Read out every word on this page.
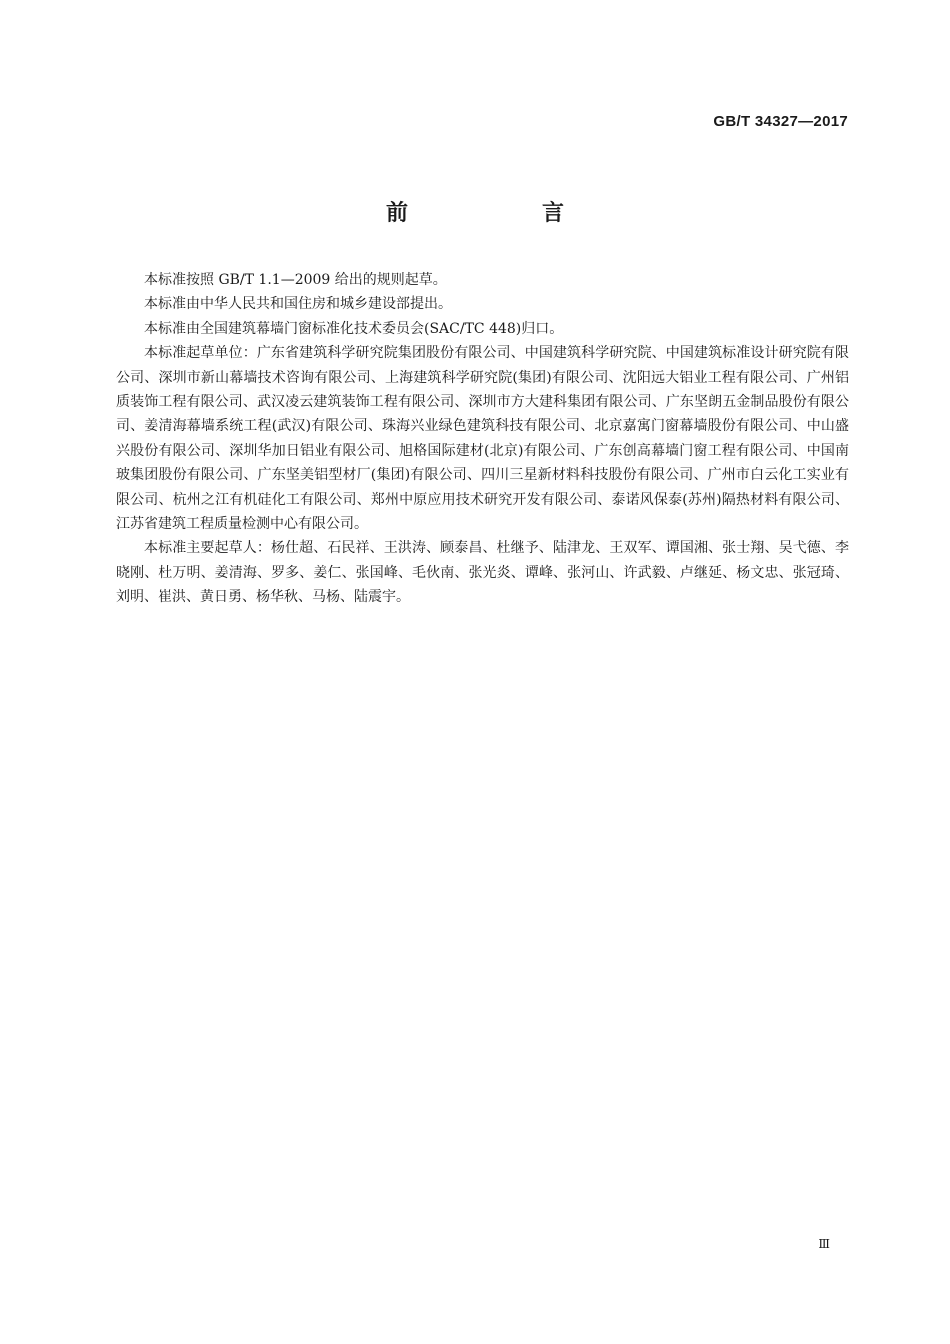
GB/T 34327—2017
前　言

本标准按照 GB/T 1.1—2009 给出的规则起草。

本标准由中华人民共和国住房和城乡建设部提出。

本标准由全国建筑幕墙门窗标准化技术委员会(SAC/TC 448)归口。

本标准起草单位：广东省建筑科学研究院集团股份有限公司、中国建筑科学研究院、中国建筑标准设计研究院有限公司、深圳市新山幕墙技术咨询有限公司、上海建筑科学研究院(集团)有限公司、沈阳远大铝业工程有限公司、广州铝质装饰工程有限公司、武汉凌云建筑装饰工程有限公司、深圳市方大建科集团有限公司、广东坚朗五金制品股份有限公司、姜清海幕墙系统工程(武汉)有限公司、珠海兴业绿色建筑科技有限公司、北京嘉寓门窗幕墙股份有限公司、中山盛兴股份有限公司、深圳华加日铝业有限公司、旭格国际建材(北京)有限公司、广东创高幕墙门窗工程有限公司、中国南玻集团股份有限公司、广东坚美铝型材厂(集团)有限公司、四川三星新材料科技股份有限公司、广州市白云化工实业有限公司、杭州之江有机硅化工有限公司、郑州中原应用技术研究开发有限公司、泰诺风保泰(苏州)隔热材料有限公司、江苏省建筑工程质量检测中心有限公司。

本标准主要起草人：杨仕超、石民祥、王洪涛、顾泰昌、杜继予、陆津龙、王双军、谭国湘、张士翔、吴弋德、李晓刚、杜万明、姜清海、罗多、姜仁、张国峰、毛伙南、张光炎、谭峰、张河山、许武毅、卢继延、杨文忠、张冠琦、刘明、崔洪、黄日勇、杨华秋、马杨、陆震宇。

Ⅲ
